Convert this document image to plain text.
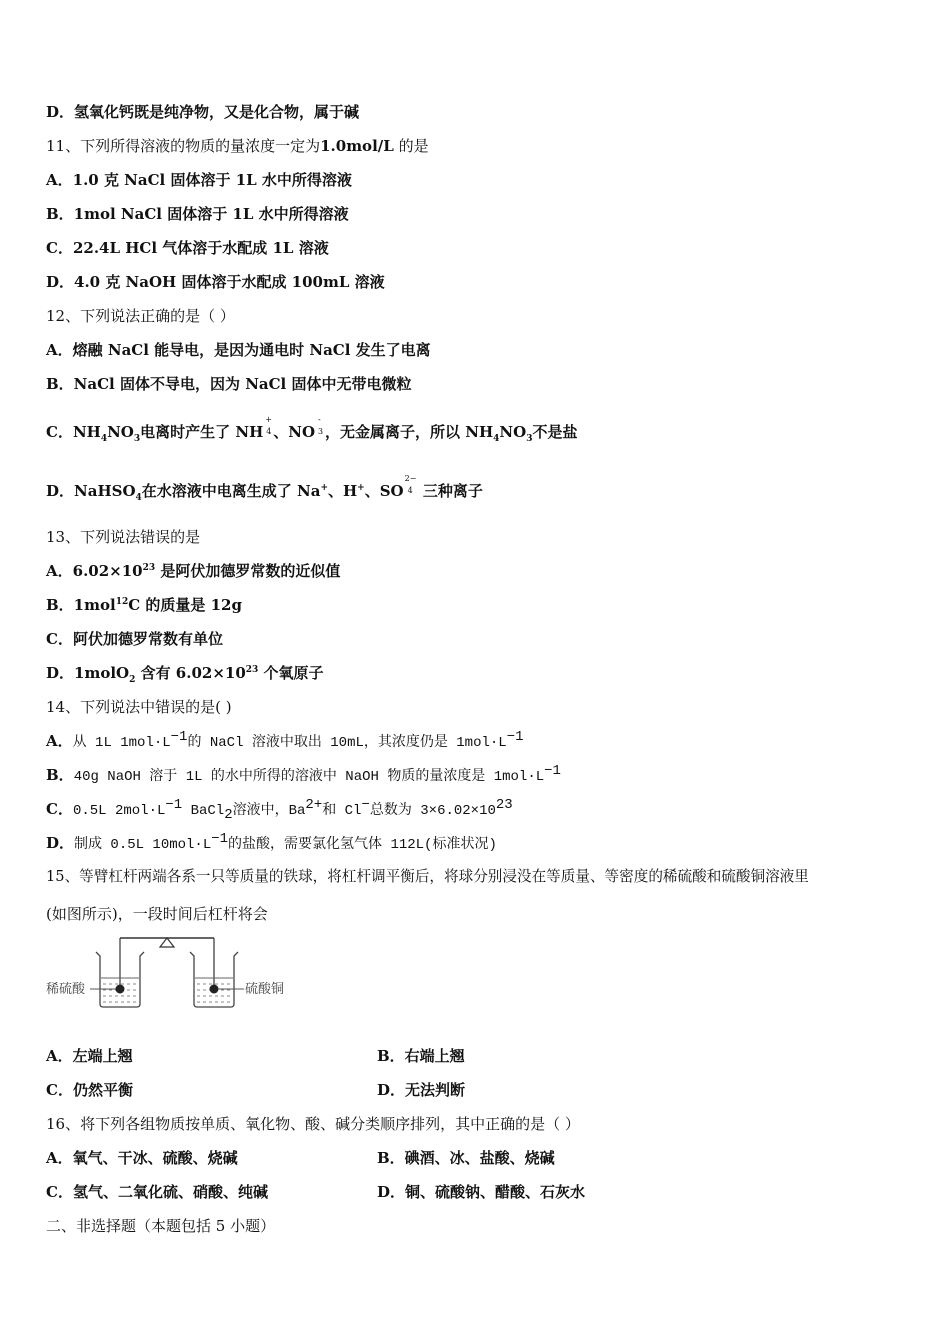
D．氢氧化钙既是纯净物，又是化合物，属于碱
11、下列所得溶液的物质的量浓度一定为1.0mol/L 的是
A．1.0 克 NaCl 固体溶于 1L 水中所得溶液
B．1mol NaCl 固体溶于 1L 水中所得溶液
C．22.4L HCl 气体溶于水配成 1L 溶液
D．4.0 克 NaOH 固体溶于水配成 100mL 溶液
12、下列说法正确的是（ ）
A．熔融 NaCl 能导电，是因为通电时 NaCl 发生了电离
B．NaCl 固体不导电，因为 NaCl 固体中无带电微粒
C．$NH_4NO_3$电离时产生了 NH
+
4 、NO
-
3 ，无金属离子，所以 $NH_4NO_3$不是盐
D．NaHSO$_4$在水溶液中电离生成了 Na+、H+、SO
2−
4 三种离子
13、下列说法错误的是
A．$6.02\times 10^{23}$ 是阿伏加德罗常数的近似值
B．1mol$^{12}$C 的质量是 12g
C．阿伏加德罗常数有单位
D．1molO$_2$ 含有 $6.02\times 10^{23}$ 个氧原子
14、下列说法中错误的是( )
A．从 1L $1mol\cdot L^{-1}$的 NaCl 溶液中取出 10mL，其浓度仍是 $1mol\cdot L^{-1}$
B．40g NaOH 溶于 1L 的水中所得的溶液中 NaOH 物质的量浓度是 $1mol\cdot L^{-1}$
C．0.5L $2mol\cdot L^{-1}$ BaCl$_2$溶液中，$Ba^{2+}$和 Cl−总数为 $3\times 6.02\times 10^{23}$
D．制成 0.5L $10mol\cdot L^{-1}$的盐酸，需要氯化氢气体 112L(标准状况)
15、等臂杠杆两端各系一只等质量的铁球，将杠杆调平衡后，将球分别浸没在等质量、等密度的稀硫酸和硫酸铜溶液里
(如图所示)，一段时间后杠杆将会
稀硫酸	硫酸铜
A．左端上翘	B．右端上翘
C．仍然平衡	D．无法判断
16、将下列各组物质按单质、氧化物、酸、碱分类顺序排列，其中正确的是（ ）
A．氧气、干冰、硫酸、烧碱	B．碘酒、冰、盐酸、烧碱
C．氢气、二氧化硫、硝酸、纯碱	D．铜、硫酸钠、醋酸、石灰水
二、非选择题（本题包括 5 小题）
